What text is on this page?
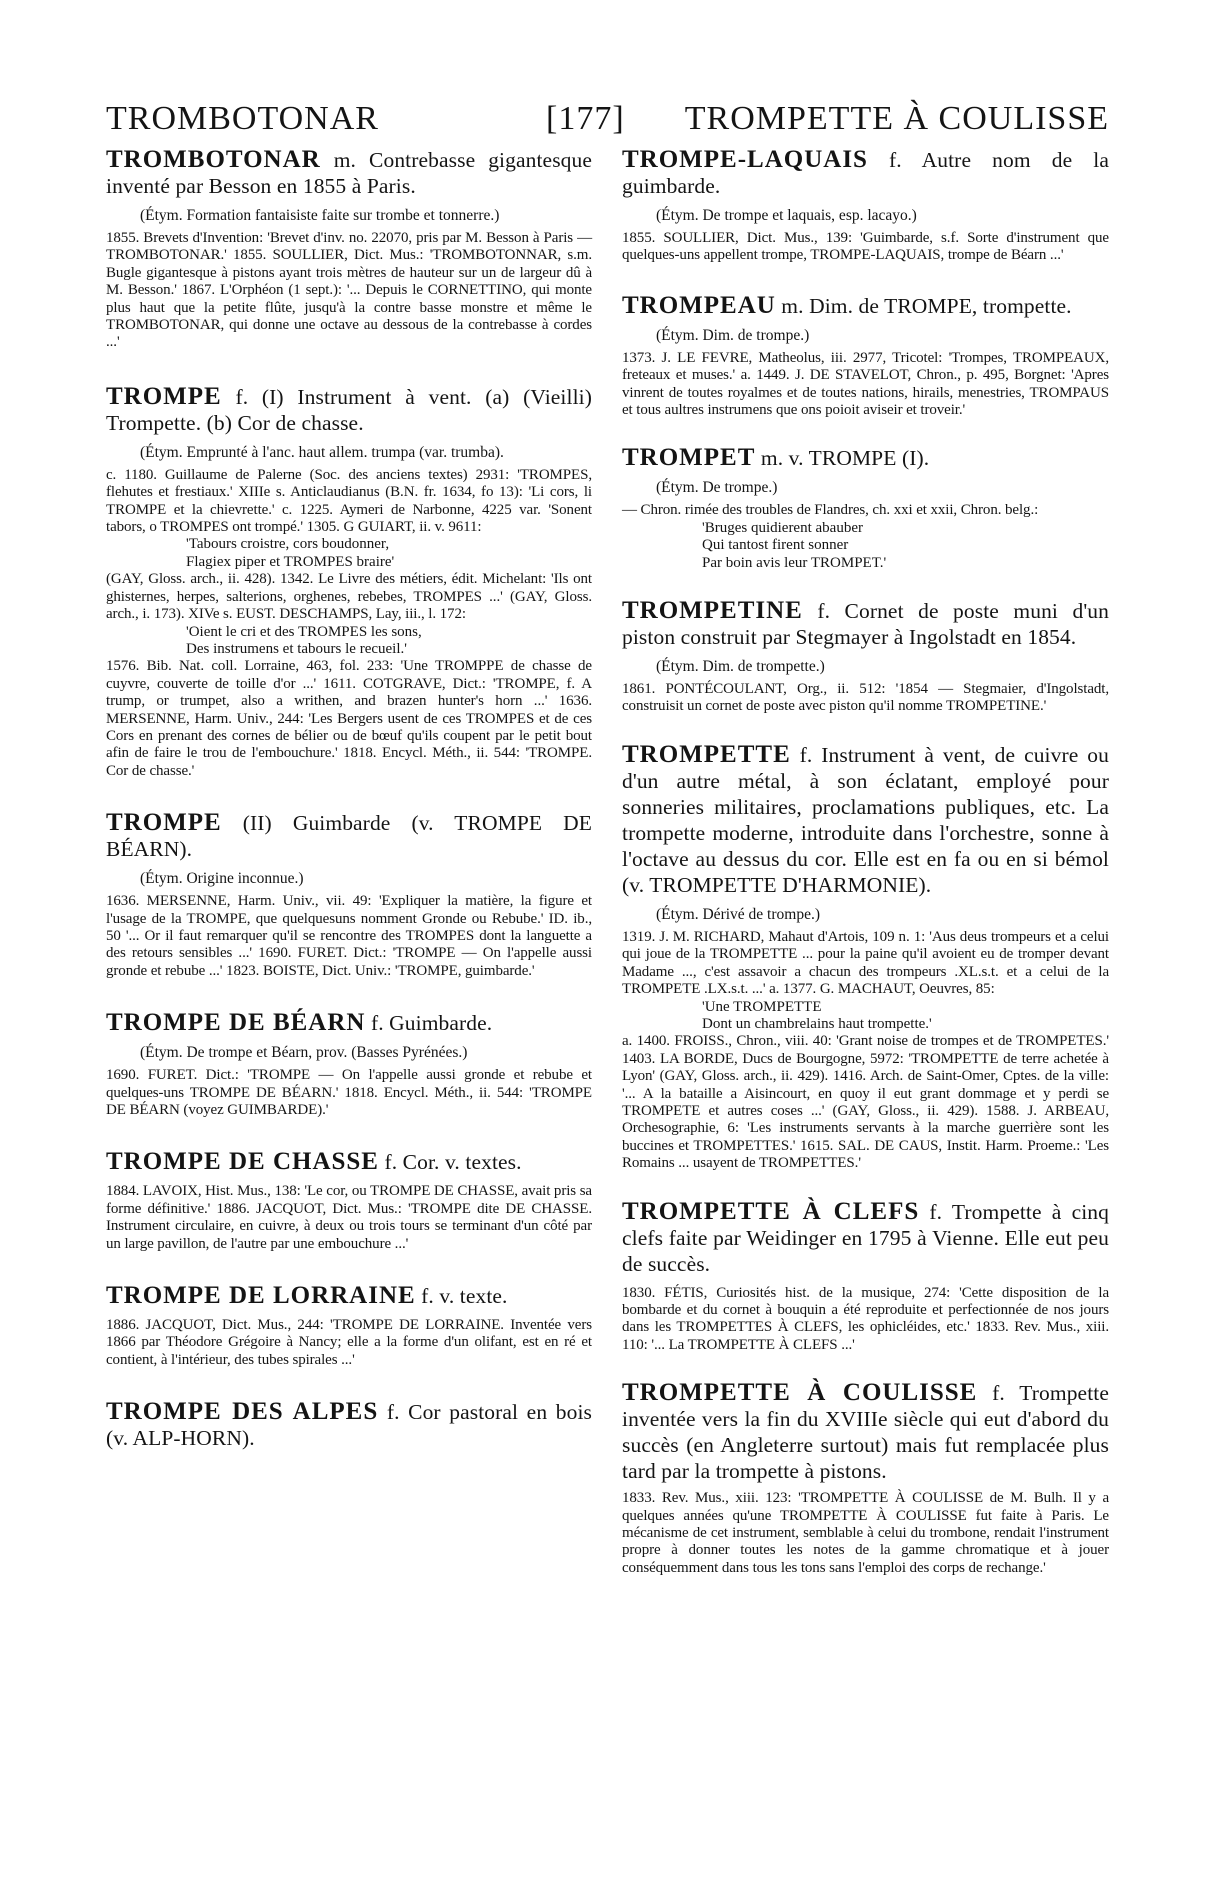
TROMBOTONAR	[177] TROMPETTE À COULISSE

TROMBOTONAR m. Contrebasse gigantesque inventé par Besson en 1855 à Paris.

(Étym. Formation fantaisiste faite sur trombe et tonnerre.)

1855. Brevets d'Invention: 'Brevet d'inv. no. 22070, pris par M. Besson à Paris — TROMBOTONAR.' 1855. SOULLIER, Dict. Mus.: 'TROMBOTONNAR, s.m. Bugle gigantesque à pistons ayant trois mètres de hauteur sur un de largeur dû à M. Besson.' 1867. L'Orphéon (1 sept.): '... Depuis le CORNETTINO, qui monte plus haut que la petite flûte, jusqu'à la contre basse monstre et même le TROMBOTONAR, qui donne une octave au dessous de la contrebasse à cordes ...'

TROMPE f. (I) Instrument à vent. (a) (Vieilli) Trompette. (b) Cor de chasse.

(Étym. Emprunté à l'anc. haut allem. trumpa (var. trumba).

c. 1180. Guillaume de Palerne (Soc. des anciens textes) 2931: 'TROMPES, flehutes et frestiaux.' XIIIe s. Anticlaudianus (B.N. fr. 1634, fo 13): 'Li cors, li TROMPE et la chievrette.' c. 1225. Aymeri de Narbonne, 4225 var. 'Sonent tabors, o TROMPES ont trompé.' 1305. G GUIART, ii. v. 9611:

'Tabours croistre, cors boudonner,
Flagiex piper et TROMPES braire'

(GAY, Gloss. arch., ii. 428). 1342. Le Livre des métiers, édit. Michelant: 'Ils ont ghisternes, herpes, salterions, orghenes, rebebes, TROMPES ...' (GAY, Gloss. arch., i. 173). XIVe s. EUST. DESCHAMPS, Lay, iii., l. 172:

'Oient le cri et des TROMPES les sons,
Des instrumens et tabours le recueil.'

1576. Bib. Nat. coll. Lorraine, 463, fol. 233: 'Une TROMPPE de chasse de cuyvre, couverte de toille d'or ...' 1611. COTGRAVE, Dict.: 'TROMPE, f. A trump, or trumpet, also a writhen, and brazen hunter's horn ...' 1636. MERSENNE, Harm. Univ., 244: 'Les Bergers usent de ces TROMPES et de ces Cors en prenant des cornes de bélier ou de bœuf qu'ils coupent par le petit bout afin de faire le trou de l'embouchure.' 1818. Encycl. Méth., ii. 544: 'TROMPE. Cor de chasse.'

TROMPE (II) Guimbarde (v. TROMPE DE BÉARN).

(Étym. Origine inconnue.)

1636. MERSENNE, Harm. Univ., vii. 49: 'Expliquer la matière, la figure et l'usage de la TROMPE, que quelquesuns nomment Gronde ou Rebube.' ID. ib., 50 '... Or il faut remarquer qu'il se rencontre des TROMPES dont la languette a des retours sensibles ...' 1690. FURET. Dict.: 'TROMPE — On l'appelle aussi gronde et rebube ...' 1823. BOISTE, Dict. Univ.: 'TROMPE, guimbarde.'

TROMPE DE BÉARN f. Guimbarde.

(Étym. De trompe et Béarn, prov. (Basses Pyrénées.)

1690. FURET. Dict.: 'TROMPE — On l'appelle aussi gronde et rebube et quelques-uns TROMPE DE BÉARN.' 1818. Encycl. Méth., ii. 544: 'TROMPE DE BÉARN (voyez GUIMBARDE).'

TROMPE DE CHASSE f. Cor. v. textes.

1884. LAVOIX, Hist. Mus., 138: 'Le cor, ou TROMPE DE CHASSE, avait pris sa forme définitive.' 1886. JACQUOT, Dict. Mus.: 'TROMPE dite DE CHASSE. Instrument circulaire, en cuivre, à deux ou trois tours se terminant d'un côté par un large pavillon, de l'autre par une embouchure ...'

TROMPE DE LORRAINE f. v. texte.

1886. JACQUOT, Dict. Mus., 244: 'TROMPE DE LORRAINE. Inventée vers 1866 par Théodore Grégoire à Nancy; elle a la forme d'un olifant, est en ré et contient, à l'intérieur, des tubes spirales ...'

TROMPE DES ALPES f. Cor pastoral en bois (v. ALP-HORN).

TROMPE-LAQUAIS f. Autre nom de la guimbarde.

(Étym. De trompe et laquais, esp. lacayo.)

1855. SOULLIER, Dict. Mus., 139: 'Guimbarde, s.f. Sorte d'instrument que quelques-uns appellent trompe, TROMPE-LAQUAIS, trompe de Béarn ...'

TROMPEAU m. Dim. de TROMPE, trompette.

(Étym. Dim. de trompe.)

1373. J. LE FEVRE, Matheolus, iii. 2977, Tricotel: 'Trompes, TROMPEAUX, freteaux et muses.' a. 1449. J. DE STAVELOT, Chron., p. 495, Borgnet: 'Apres vinrent de toutes royalmes et de toutes nations, hirails, menestries, TROMPAUS et tous aultres instrumens que ons poioit aviseir et troveir.'

TROMPET m. v. TROMPE (I).

(Étym. De trompe.)

— Chron. rimée des troubles de Flandres, ch. xxi et xxii, Chron. belg.:

'Bruges quidierent abauber
Qui tantost firent sonner
Par boin avis leur TROMPET.'

TROMPETINE f. Cornet de poste muni d'un piston construit par Stegmayer à Ingolstadt en 1854.

(Étym. Dim. de trompette.)

1861. PONTÉCOULANT, Org., ii. 512: '1854 — Stegmaier, d'Ingolstadt, construisit un cornet de poste avec piston qu'il nomme TROMPETINE.'

TROMPETTE f. Instrument à vent, de cuivre ou d'un autre métal, à son éclatant, employé pour sonneries militaires, proclamations publiques, etc. La trompette moderne, introduite dans l'orchestre, sonne à l'octave au dessus du cor. Elle est en fa ou en si bémol (v. TROMPETTE D'HARMONIE).

(Étym. Dérivé de trompe.)

1319. J. M. RICHARD, Mahaut d'Artois, 109 n. 1: 'Aus deus trompeurs et a celui qui joue de la TROMPETTE ... pour la paine qu'il avoient eu de tromper devant Madame ..., c'est assavoir a chacun des trompeurs .XL.s.t. et a celui de la TROMPETE .LX.s.t. ...' a. 1377. G. MACHAUT, Oeuvres, 85:

'Une TROMPETTE
Dont un chambrelains haut trompette.'

a. 1400. FROISS., Chron., viii. 40: 'Grant noise de trompes et de TROMPETES.' 1403. LA BORDE, Ducs de Bourgogne, 5972: 'TROMPETTE de terre achetée à Lyon' (GAY, Gloss. arch., ii. 429). 1416. Arch. de Saint-Omer, Cptes. de la ville: '... A la bataille a Aisincourt, en quoy il eut grant dommage et y perdi se TROMPETE et autres coses ...' (GAY, Gloss., ii. 429). 1588. J. ARBEAU, Orchesographie, 6: 'Les instruments servants à la marche guerrière sont les buccines et TROMPETTES.' 1615. SAL. DE CAUS, Instit. Harm. Proeme.: 'Les Romains ... usayent de TROMPETTES.'

TROMPETTE À CLEFS f. Trompette à cinq clefs faite par Weidinger en 1795 à Vienne. Elle eut peu de succès.

1830. FÉTIS, Curiosités hist. de la musique, 274: 'Cette disposition de la bombarde et du cornet à bouquin a été reproduite et perfectionnée de nos jours dans les TROMPETTES À CLEFS, les ophicléides, etc.' 1833. Rev. Mus., xiii. 110: '... La TROMPETTE À CLEFS ...'

TROMPETTE À COULISSE f. Trompette inventée vers la fin du XVIIIe siècle qui eut d'abord du succès (en Angleterre surtout) mais fut remplacée plus tard par la trompette à pistons.

1833. Rev. Mus., xiii. 123: 'TROMPETTE À COULISSE de M. Bulh. Il y a quelques années qu'une TROMPETTE À COULISSE fut faite à Paris. Le mécanisme de cet instrument, semblable à celui du trombone, rendait l'instrument propre à donner toutes les notes de la gamme chromatique et à jouer conséquemment dans tous les tons sans l'emploi des corps de rechange.'
